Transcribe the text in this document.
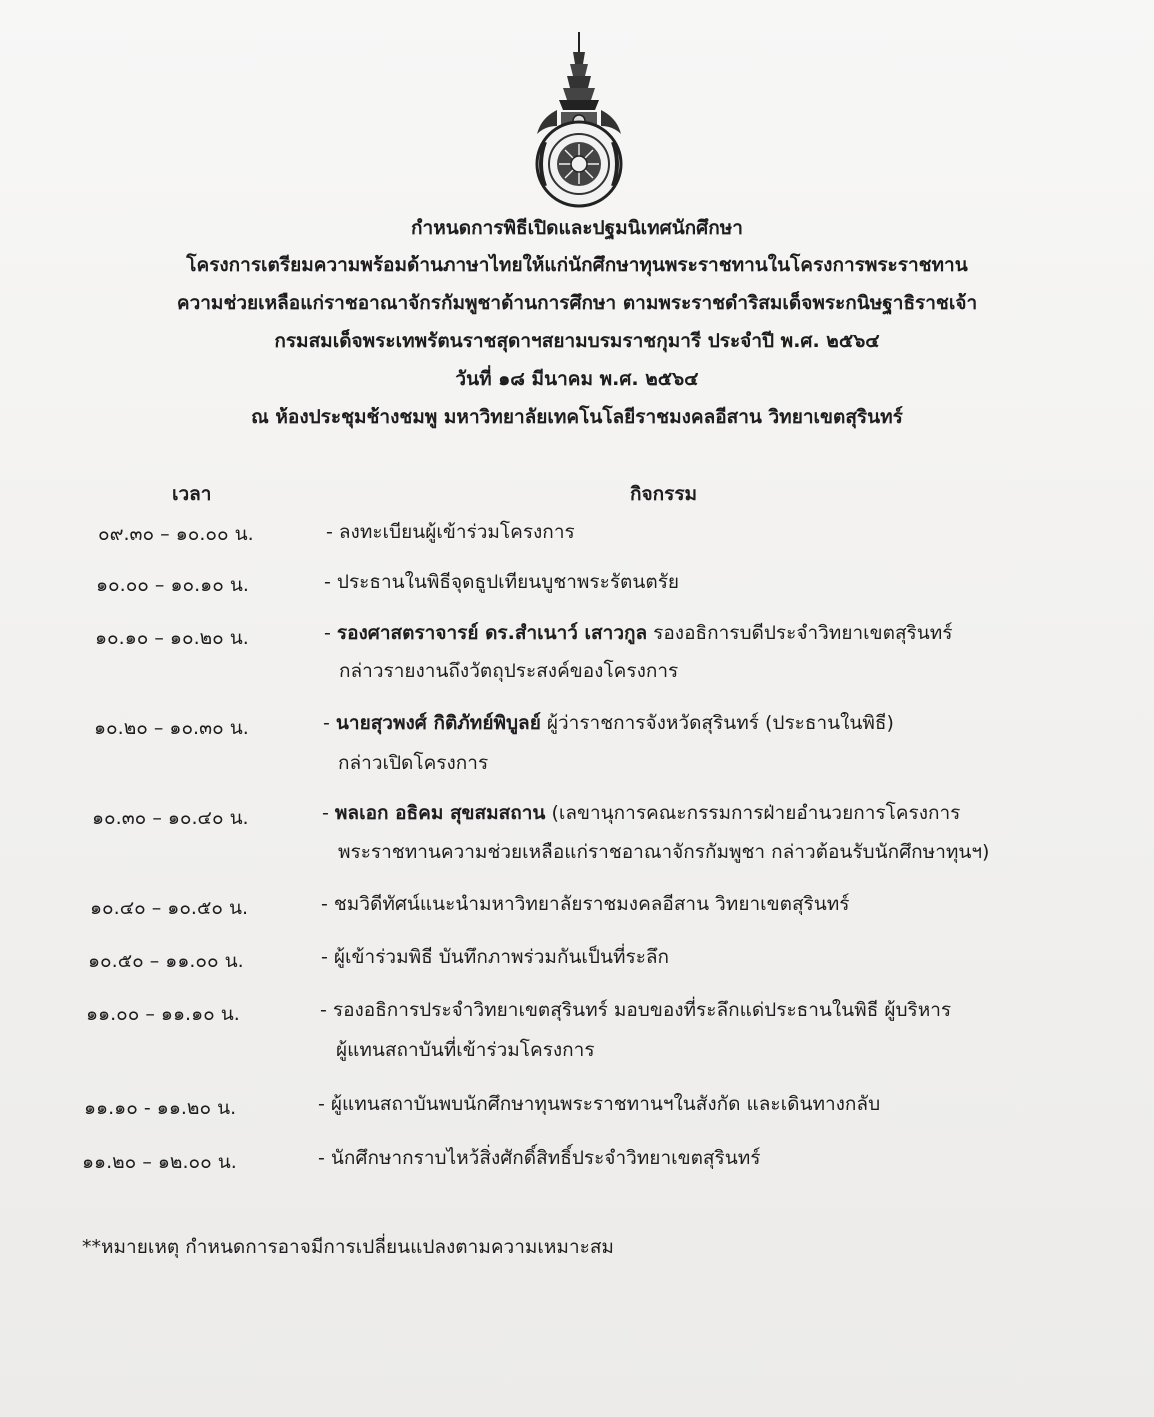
กำหนดการพิธีเปิดและปฐมนิเทศนักศึกษา
โครงการเตรียมความพร้อมด้านภาษาไทยให้แก่นักศึกษาทุนพระราชทานในโครงการพระราชทาน
ความช่วยเหลือแก่ราชอาณาจักรกัมพูชาด้านการศึกษา ตามพระราชดำริสมเด็จพระกนิษฐาธิราชเจ้า
กรมสมเด็จพระเทพรัตนราชสุดาฯสยามบรมราชกุมารี ประจำปี พ.ศ. ๒๕๖๔
วันที่ ๑๘ มีนาคม พ.ศ. ๒๕๖๔
ณ ห้องประชุมช้างชมพู มหาวิทยาลัยเทคโนโลยีราชมงคลอีสาน วิทยาเขตสุรินทร์
เวลา	กิจกรรม
๐๙.๓๐ – ๑๐.๐๐ น.	- ลงทะเบียนผู้เข้าร่วมโครงการ
๑๐.๐๐ – ๑๐.๑๐ น.	- ประธานในพิธีจุดธูปเทียนบูชาพระรัตนตรัย
๑๐.๑๐ – ๑๐.๒๐ น.	- รองศาสตราจารย์ ดร.สำเนาว์ เสาวกูล รองอธิการบดีประจำวิทยาเขตสุรินทร์
กล่าวรายงานถึงวัตถุประสงค์ของโครงการ
๑๐.๒๐ – ๑๐.๓๐ น.	- นายสุวพงศ์ กิติภัทย์พิบูลย์ ผู้ว่าราชการจังหวัดสุรินทร์ (ประธานในพิธี)
กล่าวเปิดโครงการ
๑๐.๓๐ – ๑๐.๔๐ น.	- พลเอก อธิคม สุขสมสถาน (เลขานุการคณะกรรมการฝ่ายอำนวยการโครงการ
พระราชทานความช่วยเหลือแก่ราชอาณาจักรกัมพูชา กล่าวต้อนรับนักศึกษาทุนฯ)
๑๐.๔๐ – ๑๐.๕๐ น.	- ชมวิดีทัศน์แนะนำมหาวิทยาลัยราชมงคลอีสาน วิทยาเขตสุรินทร์
๑๐.๕๐ – ๑๑.๐๐ น.	- ผู้เข้าร่วมพิธี บันทึกภาพร่วมกันเป็นที่ระลึก
๑๑.๐๐ – ๑๑.๑๐ น.	- รองอธิการประจำวิทยาเขตสุรินทร์ มอบของที่ระลึกแด่ประธานในพิธี ผู้บริหาร
ผู้แทนสถาบันที่เข้าร่วมโครงการ
๑๑.๑๐ - ๑๑.๒๐ น.	- ผู้แทนสถาบันพบนักศึกษาทุนพระราชทานฯในสังกัด และเดินทางกลับ
๑๑.๒๐ – ๑๒.๐๐ น.	- นักศึกษากราบไหว้สิ่งศักดิ์สิทธิ์ประจำวิทยาเขตสุรินทร์
**หมายเหตุ กำหนดการอาจมีการเปลี่ยนแปลงตามความเหมาะสม
